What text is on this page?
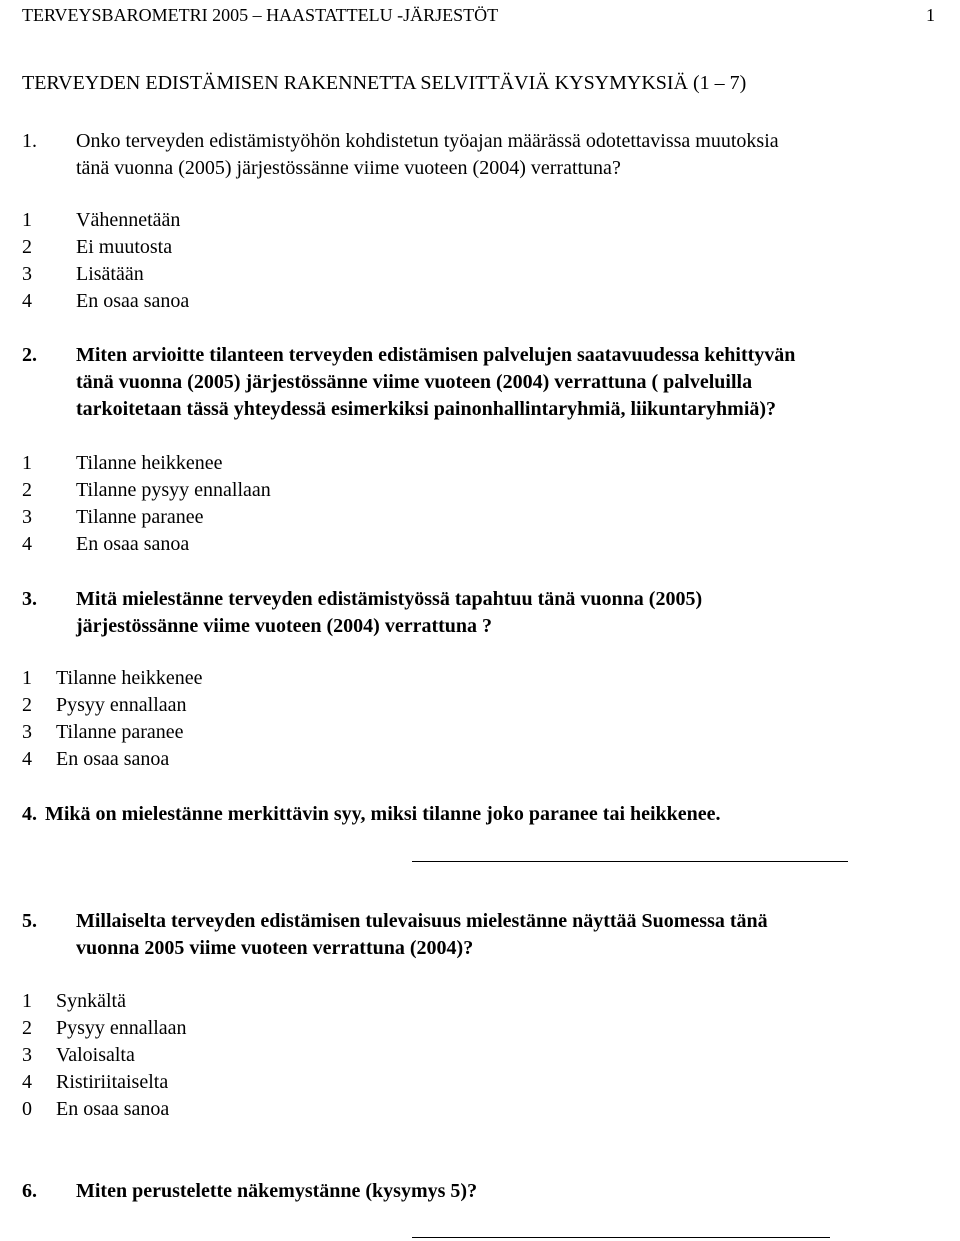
TERVEYSBAROMETRI 2005 – HAASTATTELU -JÄRJESTÖT	1
TERVEYDEN EDISTÄMISEN RAKENNETTA SELVITTÄVIÄ KYSYMYKSIÄ (1 – 7)
1. Onko terveyden edistämistyöhön kohdistetun työajan määrässä odotettavissa muutoksia
tänä vuonna (2005) järjestössänne viime vuoteen (2004) verrattuna?
1 Vähennetään
2 Ei muutosta
3 Lisätään
4 En osaa sanoa
2. Miten arvioitte tilanteen terveyden edistämisen palvelujen saatavuudessa kehittyvän
tänä vuonna (2005) järjestössänne viime vuoteen (2004) verrattuna ( palveluilla
tarkoitetaan tässä yhteydessä esimerkiksi painonhallintaryhmiä, liikuntaryhmiä)?
1 Tilanne heikkenee
2 Tilanne pysyy ennallaan
3 Tilanne paranee
4 En osaa sanoa
3. Mitä mielestänne terveyden edistämistyössä tapahtuu tänä vuonna (2005)
järjestössänne viime vuoteen (2004) verrattuna ?
1 Tilanne heikkenee
2 Pysyy ennallaan
3 Tilanne paranee
4 En osaa sanoa
4. Mikä on mielestänne merkittävin syy, miksi tilanne joko paranee tai heikkenee.
5. Millaiselta terveyden edistämisen tulevaisuus mielestänne näyttää Suomessa tänä
vuonna 2005 viime vuoteen verrattuna (2004)?
1 Synkältä
2 Pysyy ennallaan
3 Valoisalta
4 Ristiriitaiselta
0 En osaa sanoa
6. Miten perustelette näkemystänne (kysymys 5)?
